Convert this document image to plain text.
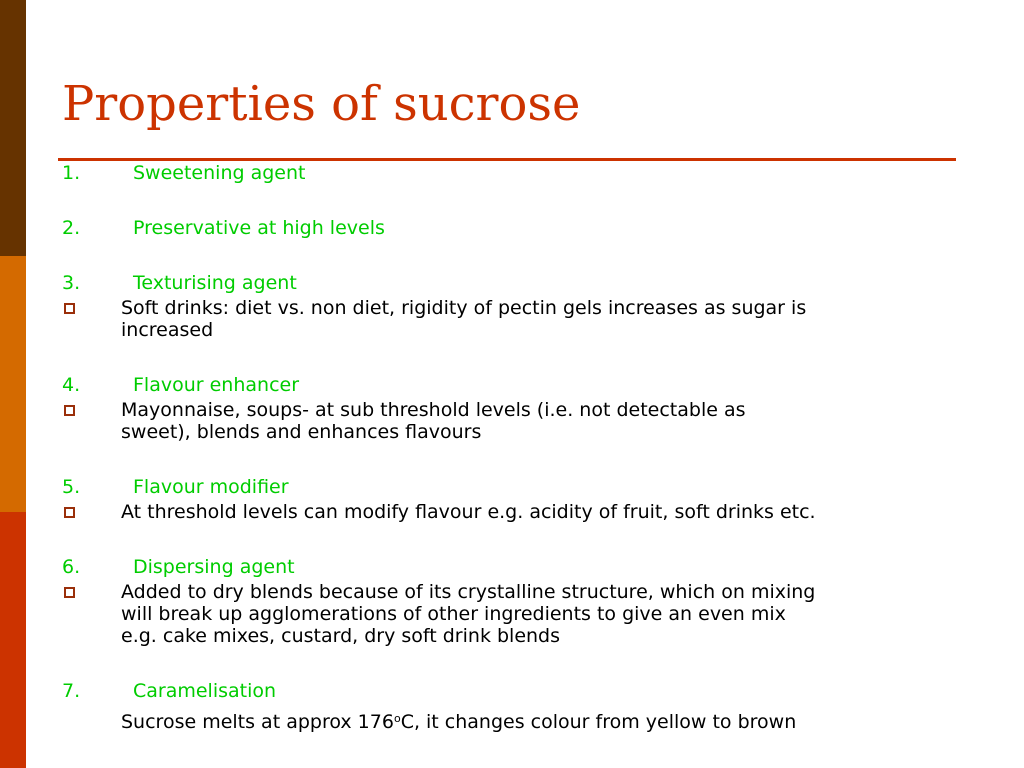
Properties of sucrose
1.	Sweetening agent
2.	Preservative at high levels
3.	Texturising agent
Soft drinks: diet vs. non diet, rigidity of pectin gels increases as sugar is
increased
4.	Flavour enhancer
Mayonnaise, soups- at sub threshold levels (i.e. not detectable as
sweet), blends and enhances flavours
5.	Flavour modifier
At threshold levels can modify flavour e.g. acidity of fruit, soft drinks etc.
6.	Dispersing agent
Added to dry blends because of its crystalline structure, which on mixing
will break up agglomerations of other ingredients to give an even mix
e.g. cake mixes, custard, dry soft drink blends
7.	Caramelisation
Sucrose melts at approx 176$^o$C, it changes colour from yellow to brown
